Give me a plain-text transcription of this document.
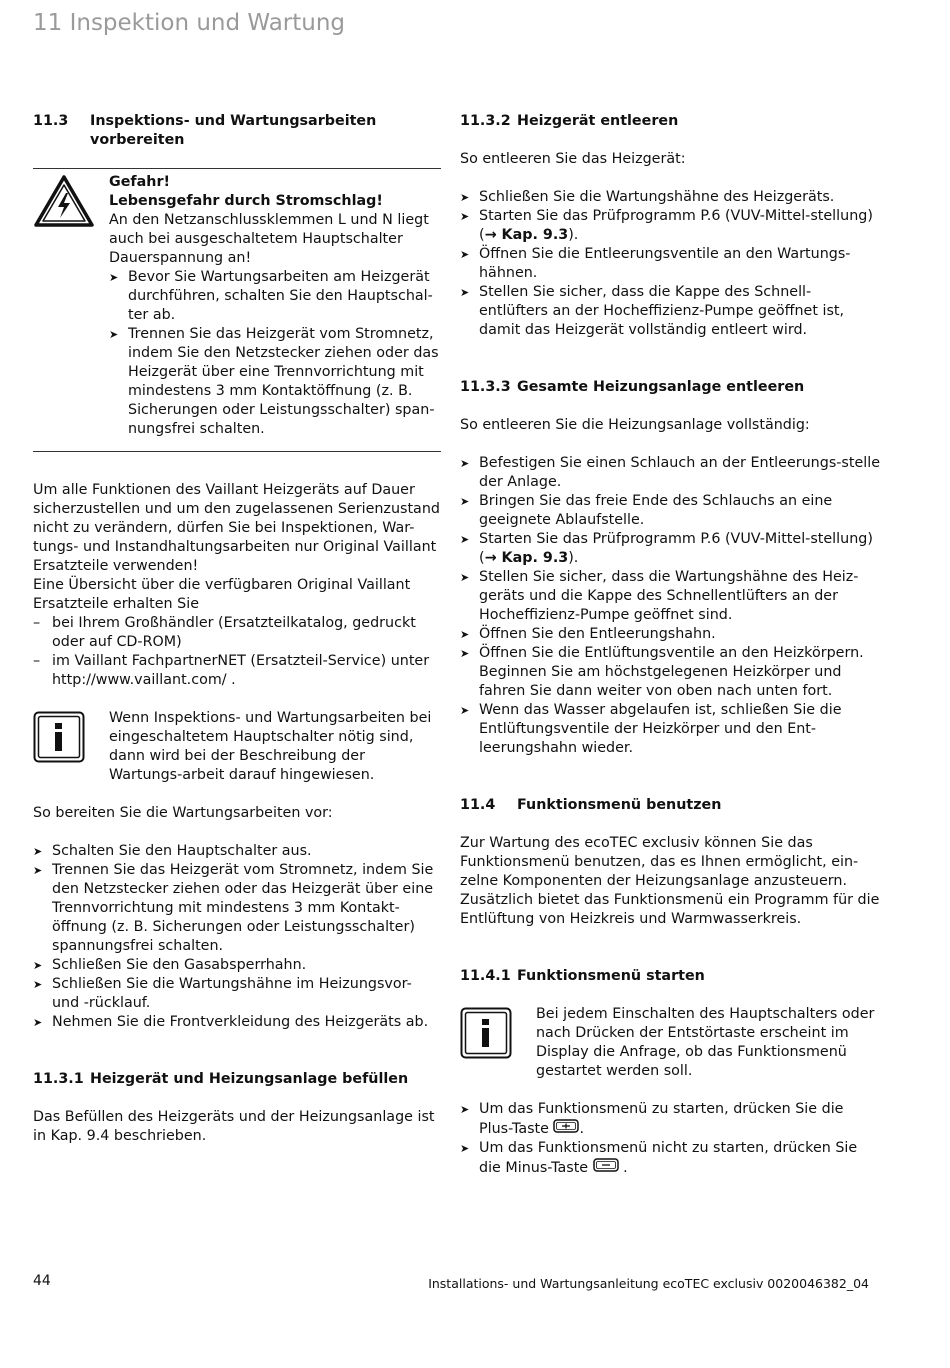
11 Inspektion und Wartung
11.3	Inspektions- und Wartungsarbeiten vorbereiten

Gefahr!

Lebensgefahr durch Stromschlag!

An den Netzanschlussklemmen L und N liegt auch bei ausgeschaltetem Hauptschalter Dauerspannung an!

➤ Bevor Sie Wartungsarbeiten am Heizgerät durchführen, schalten Sie den Hauptschal-ter ab.
➤ Trennen Sie das Heizgerät vom Stromnetz, indem Sie den Netzstecker ziehen oder das Heizgerät über eine Trennvorrichtung mit mindestens 3 mm Kontaktöffnung (z. B. Sicherungen oder Leistungsschalter) span-nungsfrei schalten.

Um alle Funktionen des Vaillant Heizgeräts auf Dauer sicherzustellen und um den zugelassenen Serienzustand nicht zu verändern, dürfen Sie bei Inspektionen, War-tungs- und Instandhaltungsarbeiten nur Original Vaillant Ersatzteile verwenden!

Eine Übersicht über die verfügbaren Original Vaillant Ersatzteile erhalten Sie

– bei Ihrem Großhändler (Ersatzteilkatalog, gedruckt oder auf CD-ROM)
– im Vaillant FachpartnerNET (Ersatzteil-Service) unter http://www.vaillant.com/ .
Wenn Inspektions- und Wartungsarbeiten bei eingeschaltetem Hauptschalter nötig sind, dann wird bei der Beschreibung der Wartungs-arbeit darauf hingewiesen.

So bereiten Sie die Wartungsarbeiten vor:

➤ Schalten Sie den Hauptschalter aus.
➤ Trennen Sie das Heizgerät vom Stromnetz, indem Sie den Netzstecker ziehen oder das Heizgerät über eine Trennvorrichtung mit mindestens 3 mm Kontakt-öffnung (z. B. Sicherungen oder Leistungsschalter) spannungsfrei schalten.
➤ Schließen Sie den Gasabsperrhahn.
➤ Schließen Sie die Wartungshähne im Heizungsvor- und -rücklauf.
➤ Nehmen Sie die Frontverkleidung des Heizgeräts ab.
11.3.1 Heizgerät und Heizungsanlage befüllen

Das Befüllen des Heizgeräts und der Heizungsanlage ist in Kap. 9.4 beschrieben.

11.3.2 Heizgerät entleeren

So entleeren Sie das Heizgerät:

➤ Schließen Sie die Wartungshähne des Heizgeräts.
➤ Starten Sie das Prüfprogramm P.6 (VUV-Mittel-stellung) (→ Kap. 9.3).
➤ Öffnen Sie die Entleerungsventile an den Wartungs-hähnen.
➤ Stellen Sie sicher, dass die Kappe des Schnell-entlüfters an der Hocheffizienz-Pumpe geöffnet ist, damit das Heizgerät vollständig entleert wird.
11.3.3 Gesamte Heizungsanlage entleeren

So entleeren Sie die Heizungsanlage vollständig:

➤ Befestigen Sie einen Schlauch an der Entleerungs-stelle der Anlage.
➤ Bringen Sie das freie Ende des Schlauchs an eine geeignete Ablaufstelle.
➤ Starten Sie das Prüfprogramm P.6 (VUV-Mittel-stellung) (→ Kap. 9.3).
➤ Stellen Sie sicher, dass die Wartungshähne des Heiz-geräts und die Kappe des Schnellentlüfters an der Hocheffizienz-Pumpe geöffnet sind.
➤ Öffnen Sie den Entleerungshahn.
➤ Öffnen Sie die Entlüftungsventile an den Heizkörpern. Beginnen Sie am höchstgelegenen Heizkörper und fahren Sie dann weiter von oben nach unten fort.
➤ Wenn das Wasser abgelaufen ist, schließen Sie die Entlüftungsventile der Heizkörper und den Ent-leerungshahn wieder.
11.4	Funktionsmenü benutzen

Zur Wartung des ecoTEC exclusiv können Sie das Funktionsmenü benutzen, das es Ihnen ermöglicht, ein-zelne Komponenten der Heizungsanlage anzusteuern. Zusätzlich bietet das Funktionsmenü ein Programm für die Entlüftung von Heizkreis und Warmwasserkreis.

11.4.1 Funktionsmenü starten
Bei jedem Einschalten des Hauptschalters oder nach Drücken der Entstörtaste erscheint im Display die Anfrage, ob das Funktionsmenü gestartet werden soll.
➤ Um das Funktionsmenü zu starten, drücken Sie die Plus-Taste .
➤ Um das Funktionsmenü nicht zu starten, drücken Sie die Minus-Taste  .
44	Installations- und Wartungsanleitung ecoTEC exclusiv 0020046382_04
